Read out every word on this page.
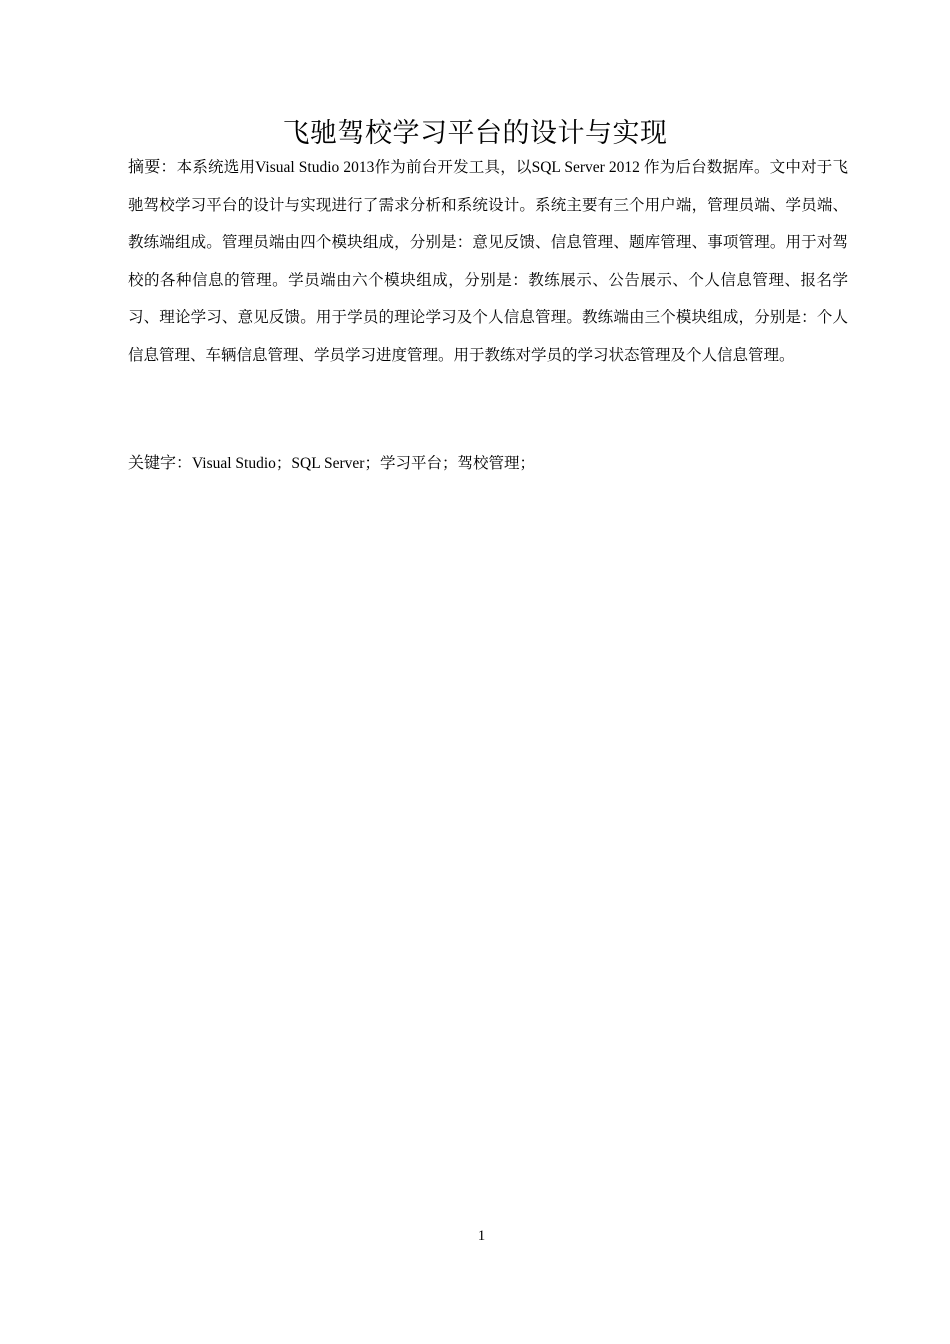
飞驰驾校学习平台的设计与实现

摘要：本系统选用Visual Studio 2013作为前台开发工具，以SQL Server 2012 作为后台数据库。文中对于飞驰驾校学习平台的设计与实现进行了需求分析和系统设计。系统主要有三个用户端，管理员端、学员端、教练端组成。管理员端由四个模块组成，分别是：意见反馈、信息管理、题库管理、事项管理。用于对驾校的各种信息的管理。学员端由六个模块组成，分别是：教练展示、公告展示、个人信息管理、报名学习、理论学习、意见反馈。用于学员的理论学习及个人信息管理。教练端由三个模块组成，分别是：个人信息管理、车辆信息管理、学员学习进度管理。用于教练对学员的学习状态管理及个人信息管理。

关键字：Visual Studio；SQL Server；学习平台；驾校管理；

1
